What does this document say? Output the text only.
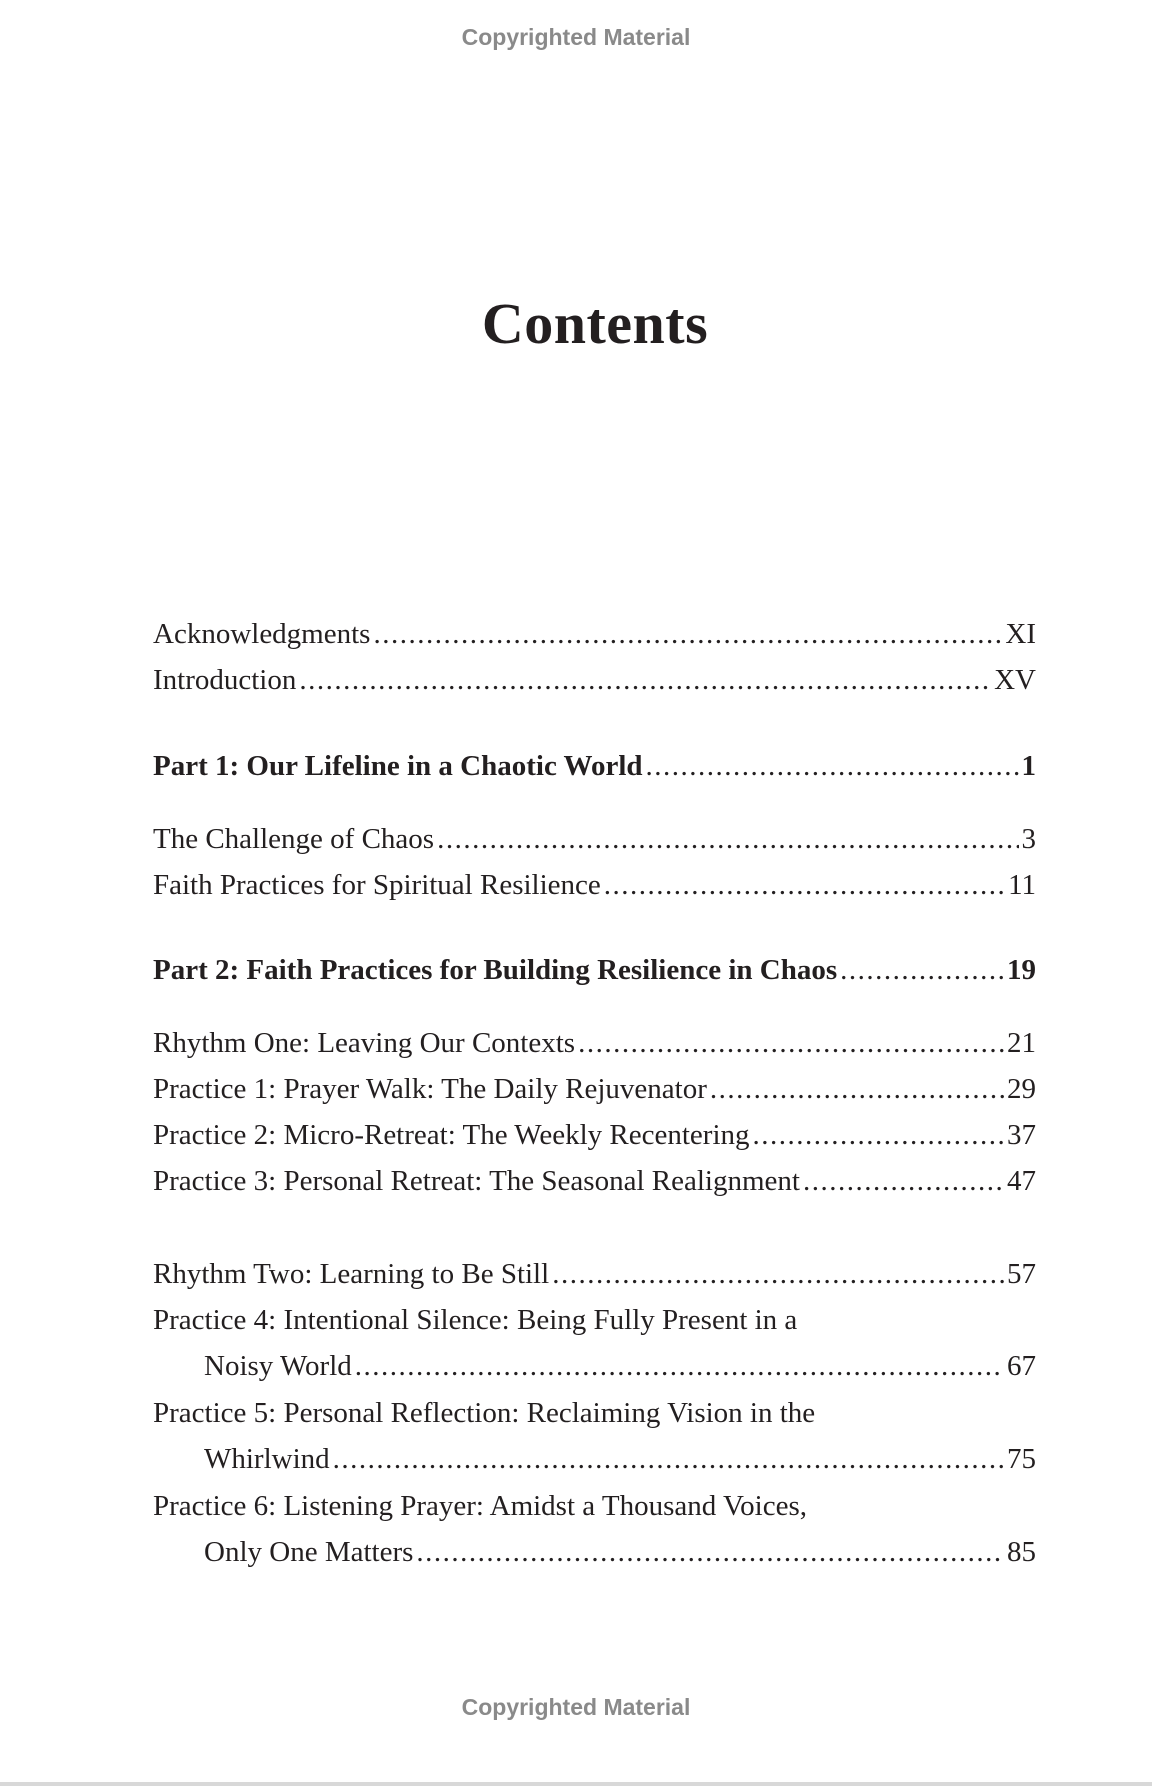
Copyrighted Material
Contents
Acknowledgments .....	XI
Introduction .....	XV
Part 1: Our Lifeline in a Chaotic World .....	1
The Challenge of Chaos .....	3
Faith Practices for Spiritual Resilience .....	11
Part 2: Faith Practices for Building Resilience in Chaos .....	19
Rhythm One: Leaving Our Contexts .....	21
Practice 1: Prayer Walk: The Daily Rejuvenator .....	29
Practice 2: Micro-Retreat: The Weekly Recentering .....	37
Practice 3: Personal Retreat: The Seasonal Realignment .....	47
Rhythm Two: Learning to Be Still .....	57
Practice 4: Intentional Silence: Being Fully Present in a
Noisy World .....	67
Practice 5: Personal Reflection: Reclaiming Vision in the
Whirlwind .....	75
Practice 6: Listening Prayer: Amidst a Thousand Voices,
Only One Matters .....	85
Copyrighted Material
